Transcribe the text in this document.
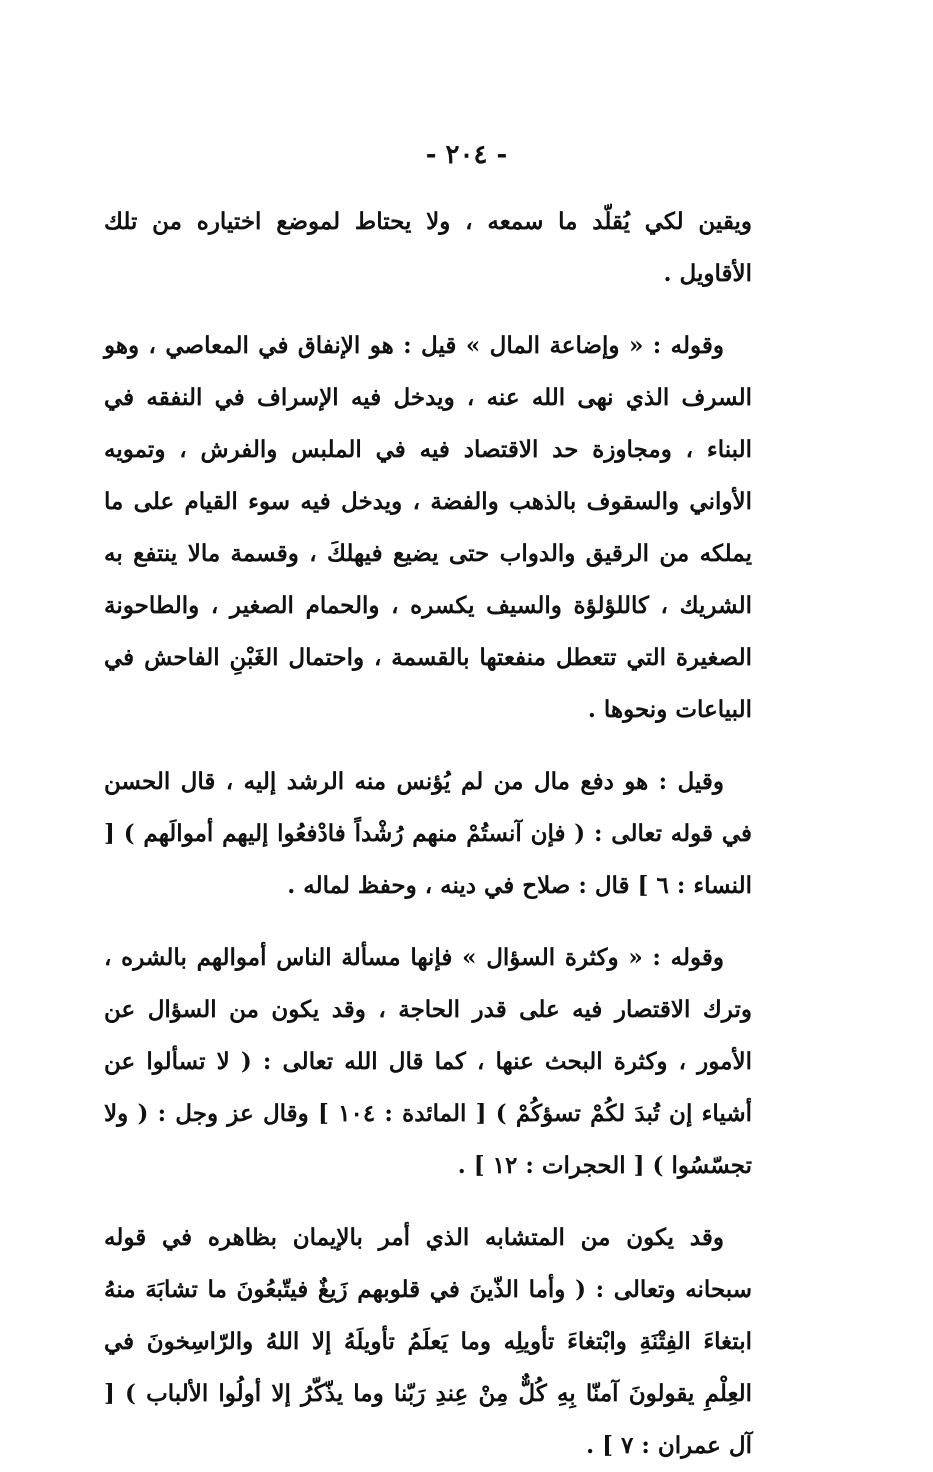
- ٢٠٤ -

ويقين لكي يُقلّد ما سمعه ، ولا يحتاط لموضع اختياره من تلك الأقاويل .

وقوله : « وإضاعة المال » قيل : هو الإنفاق في المعاصي ، وهو السرف الذي نهى الله عنه ، ويدخل فيه الإسراف في النفقه في البناء ، ومجاوزة حد الاقتصاد فيه في الملبس والفرش ، وتمويه الأواني والسقوف بالذهب والفضة ، ويدخل فيه سوء القيام على ما يملكه من الرقيق والدواب حتى يضيع فيهلكَ ، وقسمة مالا ينتفع به الشريك ، كاللؤلؤة والسيف يكسره ، والحمام الصغير ، والطاحونة الصغيرة التي تتعطل منفعتها بالقسمة ، واحتمال الغَبْنِ الفاحش في البياعات ونحوها .

وقيل : هو دفع مال من لم يُؤنس منه الرشد إليه ، قال الحسن في قوله تعالى : ( فإن آنستُمْ منهم رُشْداً فادْفعُوا إليهم أموالَهم ) [ النساء : ٦ ] قال : صلاح في دينه ، وحفظ لماله .

وقوله : « وكثرة السؤال » فإنها مسألة الناس أموالهم بالشره ، وترك الاقتصار فيه على قدر الحاجة ، وقد يكون من السؤال عن الأمور ، وكثرة البحث عنها ، كما قال الله تعالى : ( لا تسألوا عن أشياء إن تُبدَ لكُمْ تسؤكُمْ ) [ المائدة : ١٠٤ ] وقال عز وجل : ( ولا تجسّسُوا ) [ الحجرات : ١٢ ] .

وقد يكون من المتشابه الذي أمر بالإيمان بظاهره في قوله سبحانه وتعالى : ( وأما الذّينَ في قلوبهم زَيغٌ فيتّبعُونَ ما تشابَهَ منهُ ابتغاءَ الفِتْنَةِ وابْتغاءَ تأويلِه وما يَعلَمُ تأويلَهُ إلا اللهُ والرّاسِخونَ في العِلْمِ يقولونَ آمنّا بِهِ كُلٌّ مِنْ عِندِ رَبّنا وما يذّكّرُ إلا أولُوا الألباب ) [ آل عمران : ٧ ] .
